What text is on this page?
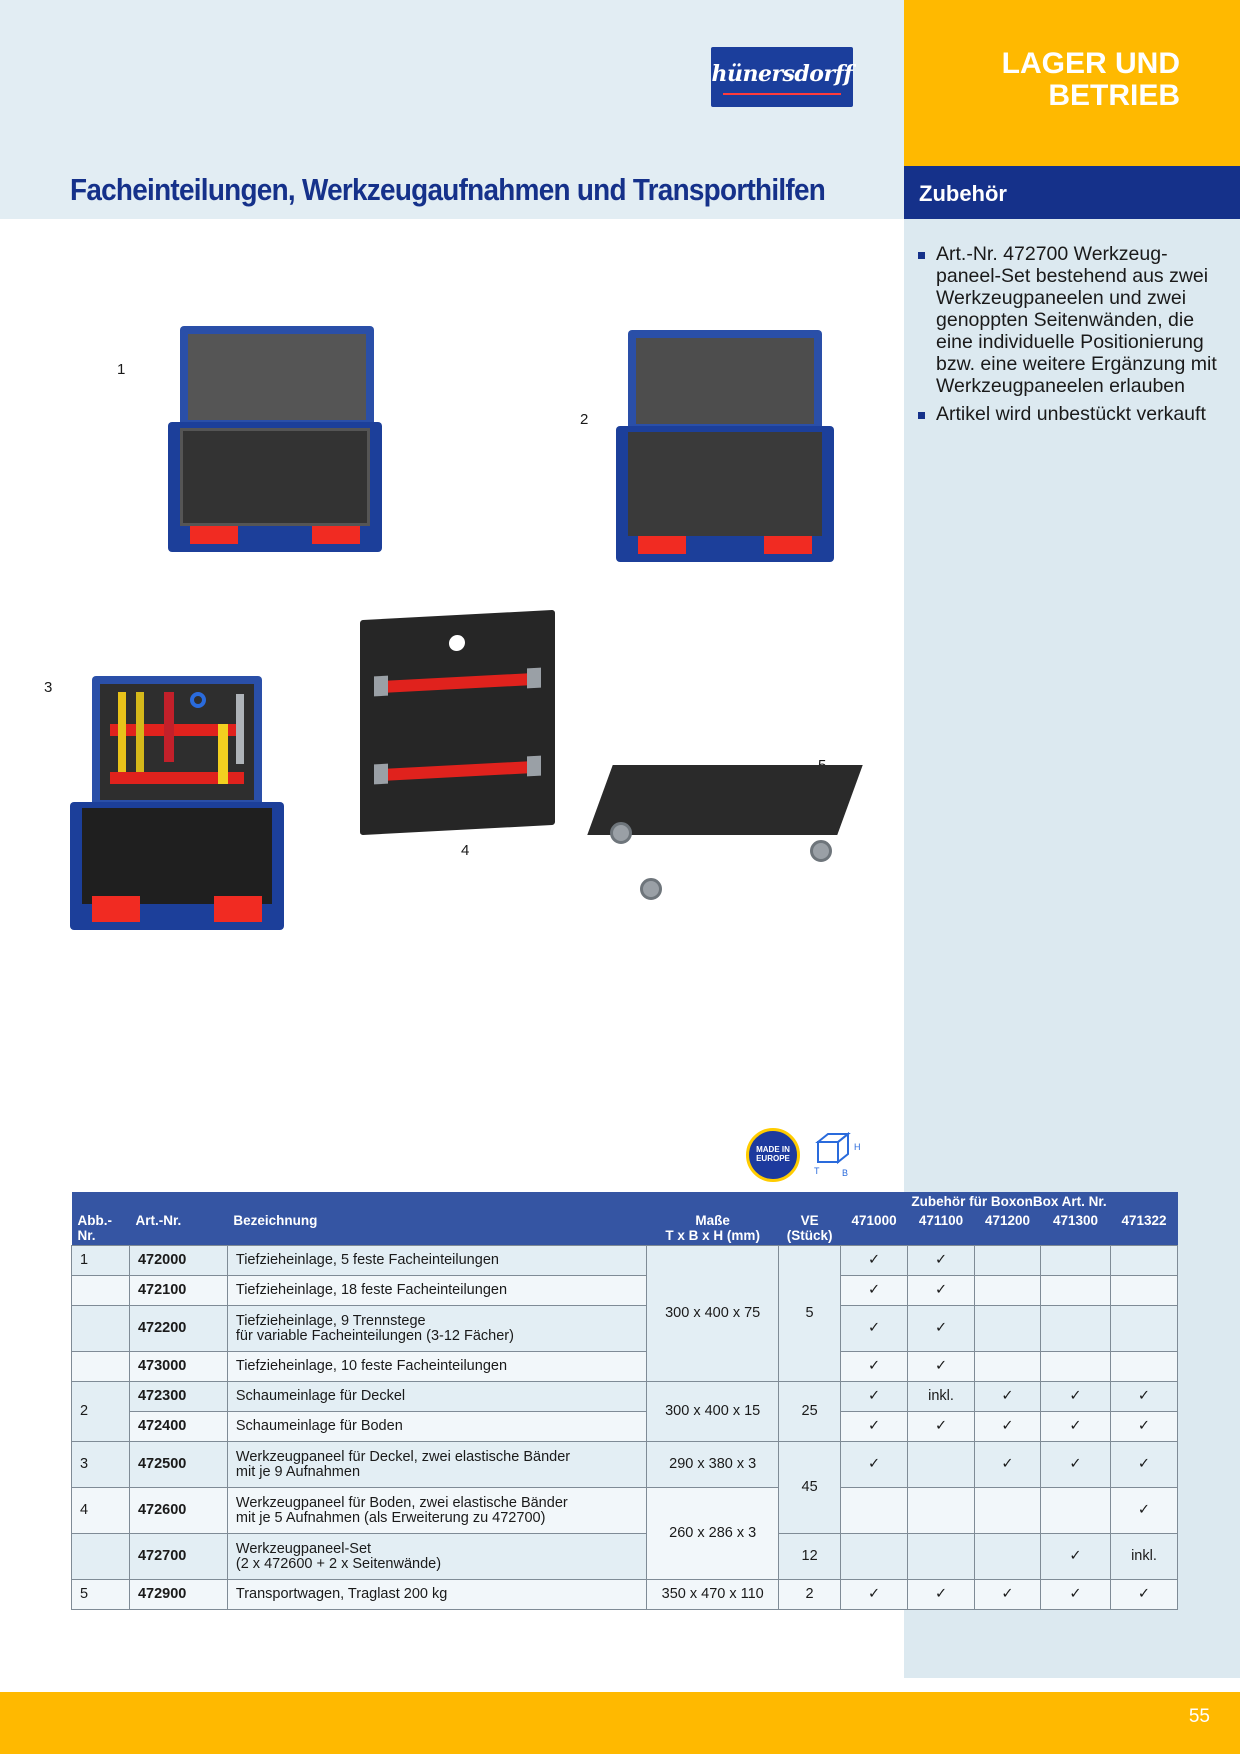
LAGER UND
BETRIEB
Zubehör
hünersdorff
Facheinteilungen, Werkzeugaufnahmen und Transporthilfen
Art.-Nr. 472700 Werkzeug-paneel-Set bestehend aus zwei Werkzeugpaneelen und zwei genoppten Seitenwänden, die eine individuelle Positionierung bzw. eine weitere Ergänzung mit Werkzeugpaneelen erlauben
Artikel wird unbestückt verkauft
1
2
3
4
MADE IN EUROPE
H
T	B
					Zubehör für BoxonBox Art. Nr.				
Abb.-
Nr.	Art.-Nr.	Bezeichnung	Maße
T x B x H (mm)	VE
(Stück)	471000	471100	471200	471300	471322
1	472000	Tiefzieheinlage, 5 feste Facheinteilungen	300 x 400 x 75	5	✓	✓			
	472100	Tiefzieheinlage, 18 feste Facheinteilungen			✓	✓			
	472200	Tiefzieheinlage, 9 Trennstege
für variable Facheinteilungen (3-12 Fächer)			✓	✓			
	473000	Tiefzieheinlage, 10 feste Facheinteilungen			✓	✓			
2	472300	Schaumeinlage für Deckel	300 x 400 x 15	25	✓	inkl.	✓	✓	✓
	472400	Schaumeinlage für Boden			✓	✓	✓	✓	✓
3	472500	Werkzeugpaneel für Deckel, zwei elastische Bänder
mit je 9 Aufnahmen	290 x 380 x 3	45	✓		✓	✓	✓
4	472600	Werkzeugpaneel für Boden, zwei elastische Bänder
mit je 5 Aufnahmen (als Erweiterung zu 472700)	260 x 286 x 3						✓
	472700	Werkzeugpaneel-Set
(2 x 472600 + 2 x Seitenwände)		12				✓	inkl.
5	472900	Transportwagen, Traglast 200 kg	350 x 470 x 110	2	✓	✓	✓	✓	✓
55
